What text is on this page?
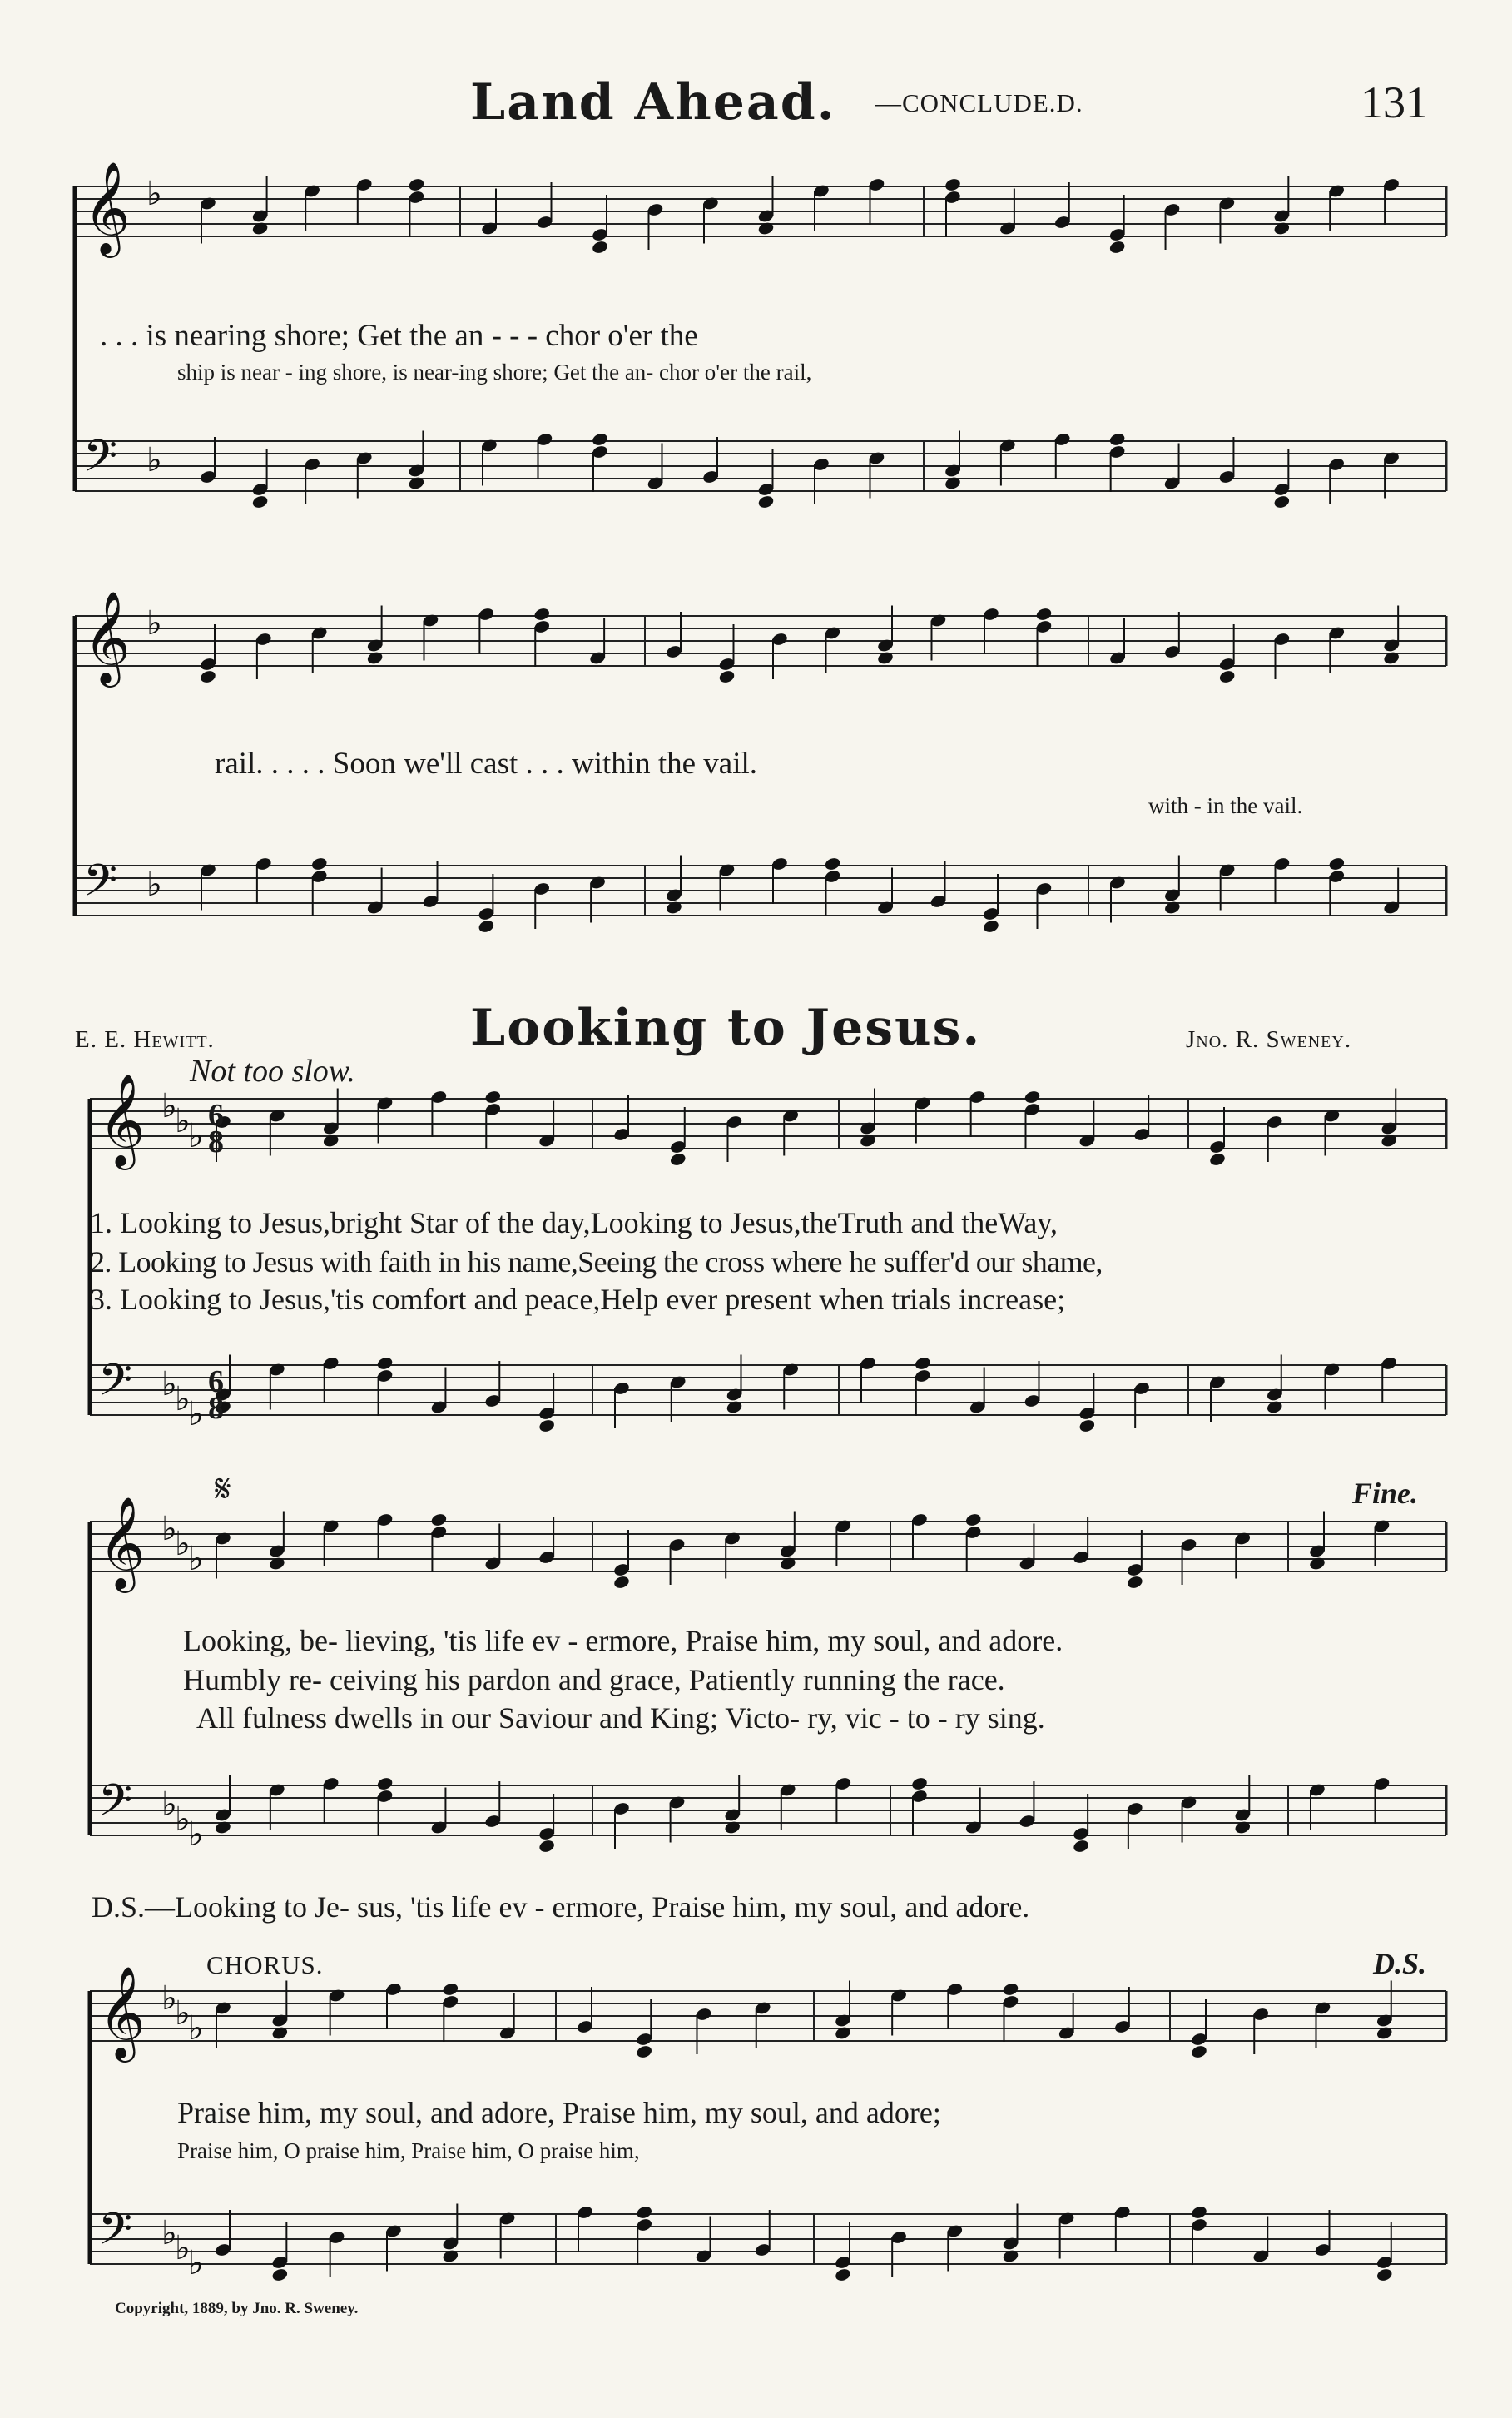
Land Ahead. —CONCLUDE.D.	131
𝄞 ♭
𝄢 ♭
𝄞 ♭
𝄢 ♭
𝄞 ♭
♭
♭
𝄢 ♭
♭
♭
𝄞 ♭
♭
♭
𝄢 ♭
♭
♭
𝄞 ♭
♭
♭
𝄢 ♭
♭
♭
. . . is nearing shore; Get the an - - - chor o'er the
ship is near - ing shore, is near-ing shore; Get the an- chor o'er the rail,
rail. . . . . Soon we'll cast . . . within the vail.
with - in the vail.
E. E. Hewitt.	Looking to Jesus.	Jno. R. Sweney.
Not too slow.
6
8
6
8
1. Looking to Jesus,bright Star of the day,Looking to Jesus,theTruth and theWay,
2. Looking to Jesus with faith in his name,Seeing the cross where he suffer'd our shame,
3. Looking to Jesus,'tis comfort and peace,Help ever present when trials increase;
𝄋	Fine.
Looking, be- lieving, 'tis life ev - ermore, Praise him, my soul, and adore.
Humbly re- ceiving his pardon and grace, Patiently running the race.
All fulness dwells in our Saviour and King; Victo- ry, vic - to - ry sing.
D.S.—Looking to Je- sus, 'tis life ev - ermore, Praise him, my soul, and adore.
CHORUS.	D.S.
Praise him, my soul, and adore, Praise him, my soul, and adore;
Praise him, O praise him, Praise him, O praise him,
Copyright, 1889, by Jno. R. Sweney.
